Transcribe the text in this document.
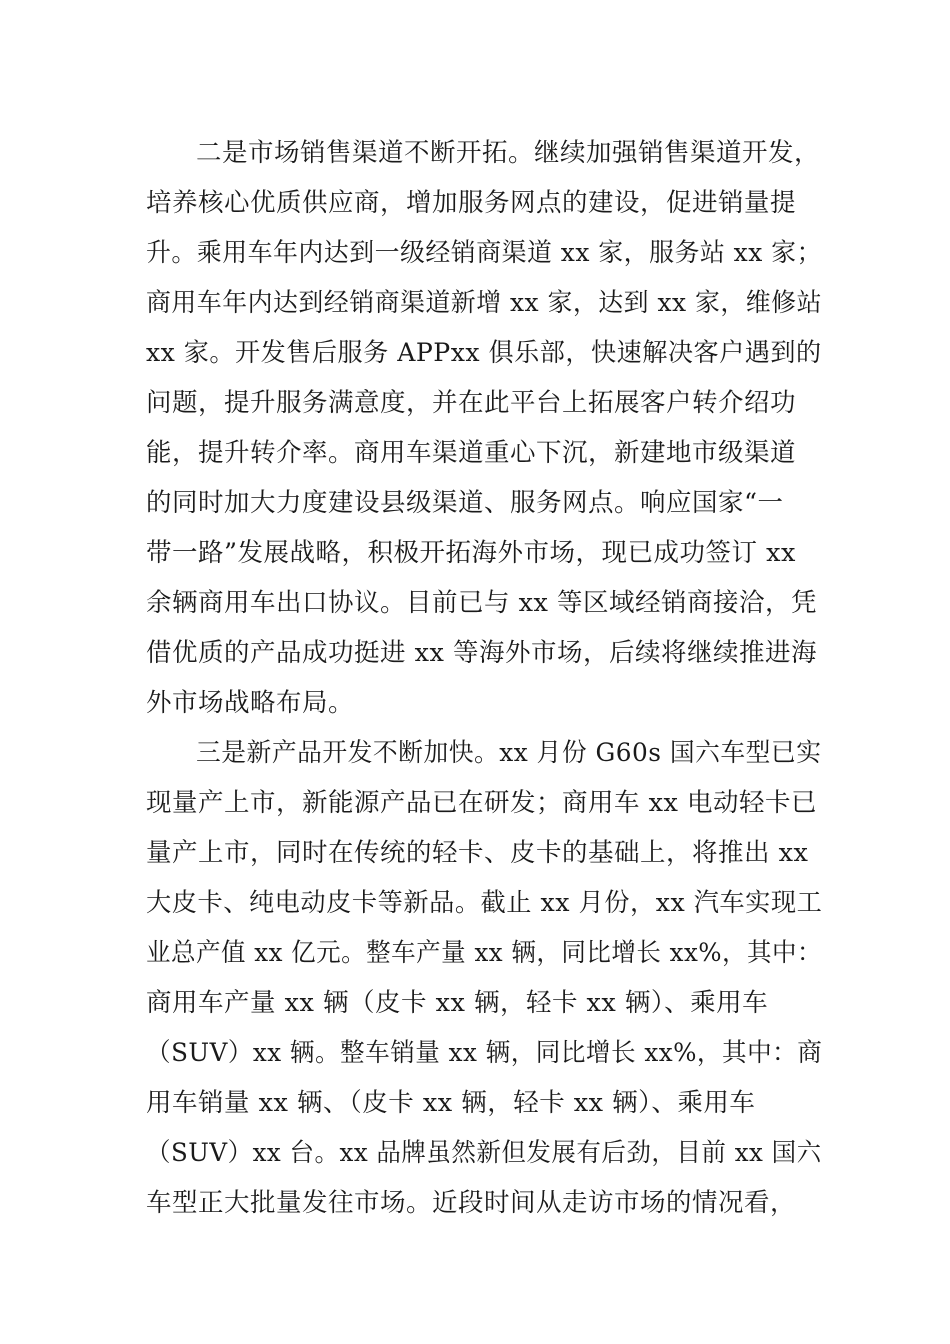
二是市场销售渠道不断开拓。继续加强销售渠道开发，
培养核心优质供应商，增加服务网点的建设，促进销量提
升。乘用车年内达到一级经销商渠道 xx 家，服务站 xx 家；
商用车年内达到经销商渠道新增 xx 家，达到 xx 家，维修站
xx 家。开发售后服务 APPxx 俱乐部，快速解决客户遇到的
问题，提升服务满意度，并在此平台上拓展客户转介绍功
能，提升转介率。商用车渠道重心下沉，新建地市级渠道
的同时加大力度建设县级渠道、服务网点。响应国家“一
带一路”发展战略，积极开拓海外市场，现已成功签订 xx
余辆商用车出口协议。目前已与 xx 等区域经销商接洽，凭
借优质的产品成功挺进 xx 等海外市场，后续将继续推进海
外市场战略布局。
三是新产品开发不断加快。xx 月份 G60s 国六车型已实
现量产上市，新能源产品已在研发；商用车 xx 电动轻卡已
量产上市，同时在传统的轻卡、皮卡的基础上，将推出 xx
大皮卡、纯电动皮卡等新品。截止 xx 月份，xx 汽车实现工
业总产值 xx 亿元。整车产量 xx 辆，同比增长 xx%，其中：
商用车产量 xx 辆（皮卡 xx 辆，轻卡 xx 辆）、乘用车
（SUV）xx 辆。整车销量 xx 辆，同比增长 xx%，其中：商
用车销量 xx 辆、（皮卡 xx 辆，轻卡 xx 辆）、乘用车
（SUV）xx 台。xx 品牌虽然新但发展有后劲，目前 xx 国六
车型正大批量发往市场。近段时间从走访市场的情况看，
